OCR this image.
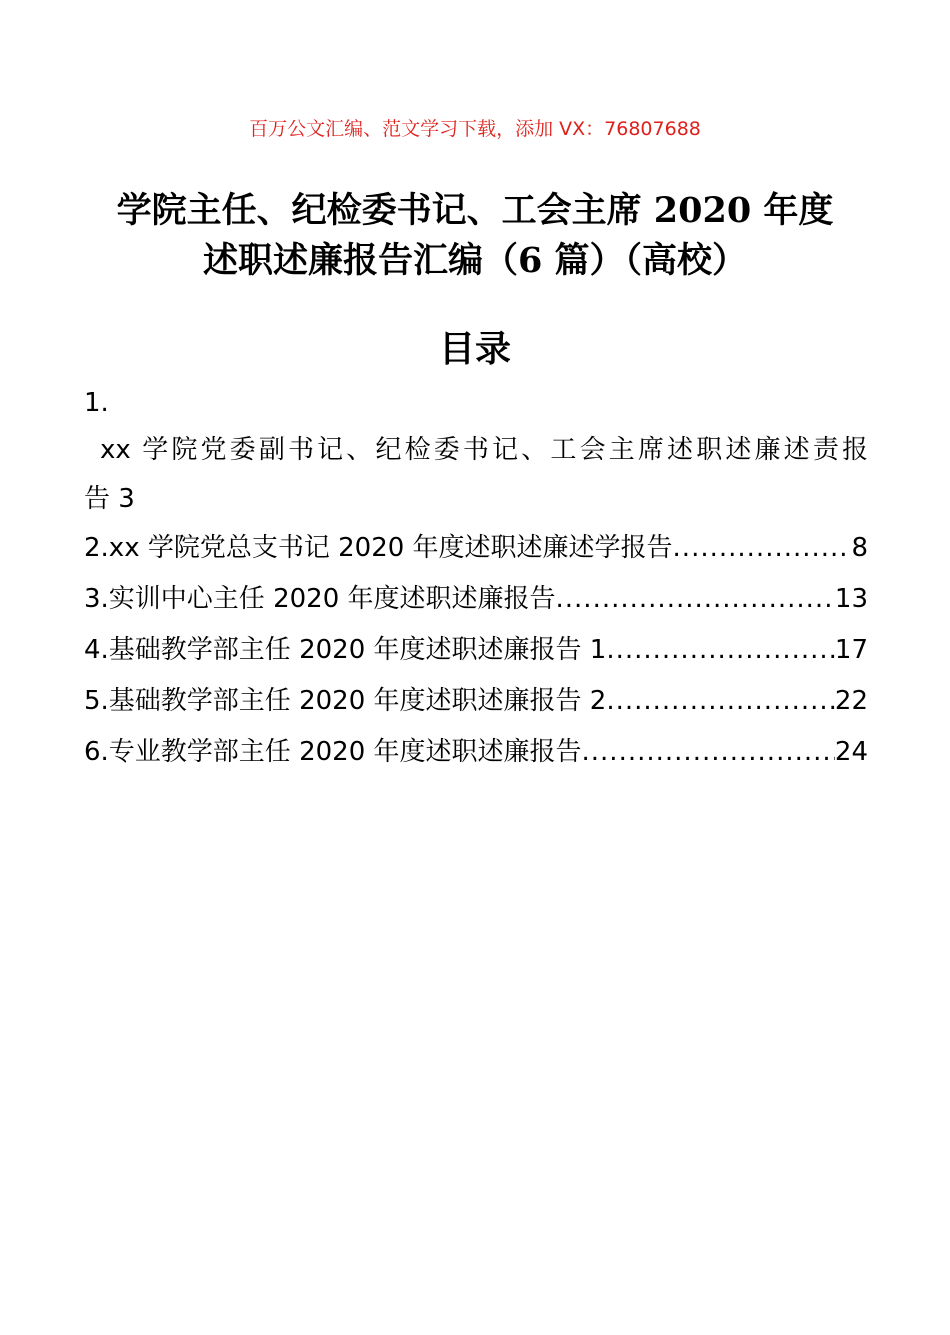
百万公文汇编、范文学习下载，添加 VX：76807688
学院主任、纪检委书记、工会主席 2020 年度
述职述廉报告汇编（6 篇）（高校）
目录
1.
xx 学院党委副书记、纪检委书记、工会主席述职述廉述责报
告 3
2.xx 学院党总支书记 2020 年度述职述廉述学报告 .....	8
3.实训中心主任 2020 年度述职述廉报告 .....	13
4.基础教学部主任 2020 年度述职述廉报告 1 .....	17
5.基础教学部主任 2020 年度述职述廉报告 2 .....	22
6.专业教学部主任 2020 年度述职述廉报告 .....	24
